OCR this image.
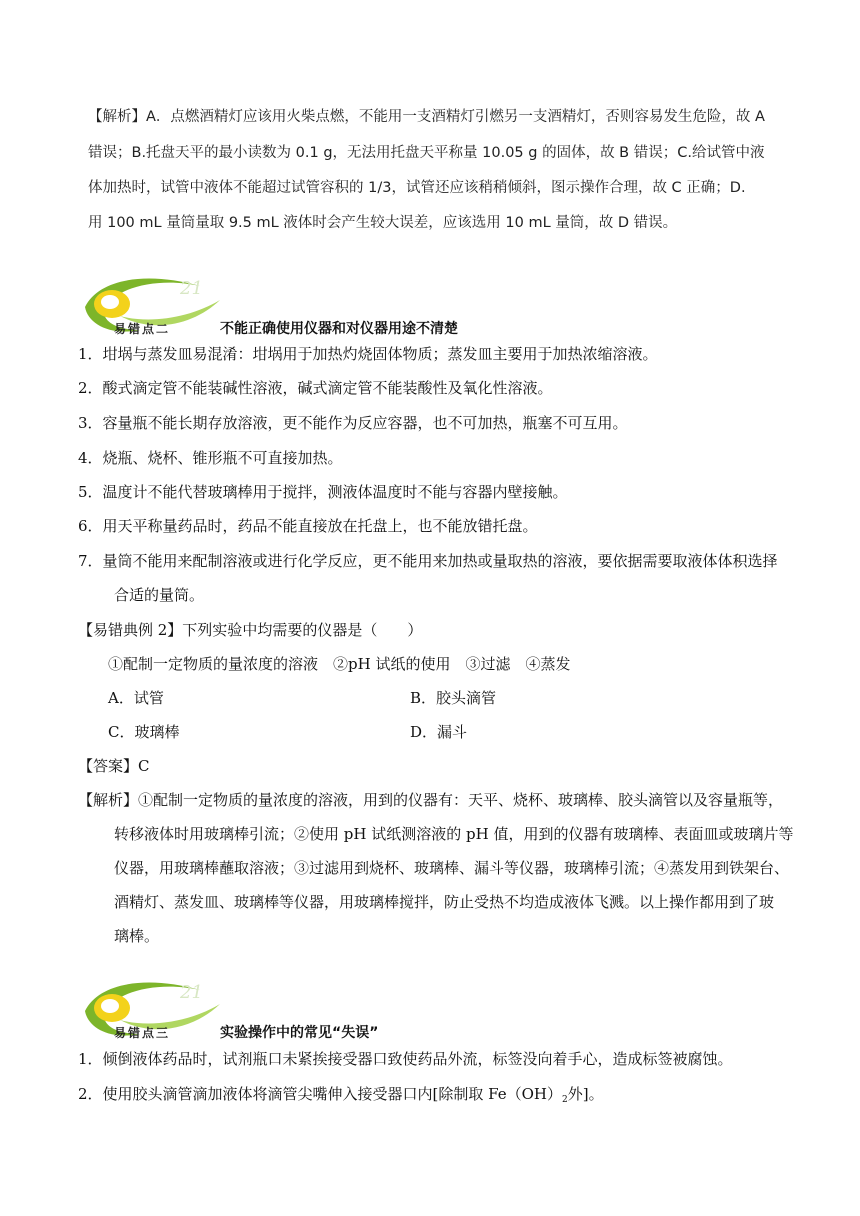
【解析】A．点燃酒精灯应该用火柴点燃，不能用一支酒精灯引燃另一支酒精灯，否则容易发生危险，故 A
错误；B.托盘天平的最小读数为 0.1 g，无法用托盘天平称量 10.05 g 的固体，故 B 错误；C.给试管中液
体加热时，试管中液体不能超过试管容积的 1/3，试管还应该稍稍倾斜，图示操作合理，故 C 正确；D.
用 100 mL 量筒量取 9.5 mL 液体时会产生较大误差，应该选用 10 mL 量筒，故 D 错误。
21
易错点二	不能正确使用仪器和对仪器用途不清楚
1．坩埚与蒸发皿易混淆：坩埚用于加热灼烧固体物质；蒸发皿主要用于加热浓缩溶液。
2．酸式滴定管不能装碱性溶液，碱式滴定管不能装酸性及氧化性溶液。
3．容量瓶不能长期存放溶液，更不能作为反应容器，也不可加热，瓶塞不可互用。
4．烧瓶、烧杯、锥形瓶不可直接加热。
5．温度计不能代替玻璃棒用于搅拌，测液体温度时不能与容器内壁接触。
6．用天平称量药品时，药品不能直接放在托盘上，也不能放错托盘。
7．量筒不能用来配制溶液或进行化学反应，更不能用来加热或量取热的溶液，要依据需要取液体体积选择
合适的量筒。
【易错典例 2】下列实验中均需要的仪器是（　　）
①配制一定物质的量浓度的溶液　②pH 试纸的使用　③过滤　④蒸发
A．试管	B．胶头滴管
C．玻璃棒	D．漏斗
【答案】C
【解析】①配制一定物质的量浓度的溶液，用到的仪器有：天平、烧杯、玻璃棒、胶头滴管以及容量瓶等，
转移液体时用玻璃棒引流；②使用 pH 试纸测溶液的 pH 值，用到的仪器有玻璃棒、表面皿或玻璃片等
仪器，用玻璃棒蘸取溶液；③过滤用到烧杯、玻璃棒、漏斗等仪器，玻璃棒引流；④蒸发用到铁架台、
酒精灯、蒸发皿、玻璃棒等仪器，用玻璃棒搅拌，防止受热不均造成液体飞溅。以上操作都用到了玻
璃棒。
21
易错点三	实验操作中的常见“失误”
1．倾倒液体药品时，试剂瓶口未紧挨接受器口致使药品外流，标签没向着手心，造成标签被腐蚀。
2．使用胶头滴管滴加液体将滴管尖嘴伸入接受器口内[除制取 $Fe(OH)_2$外]。
